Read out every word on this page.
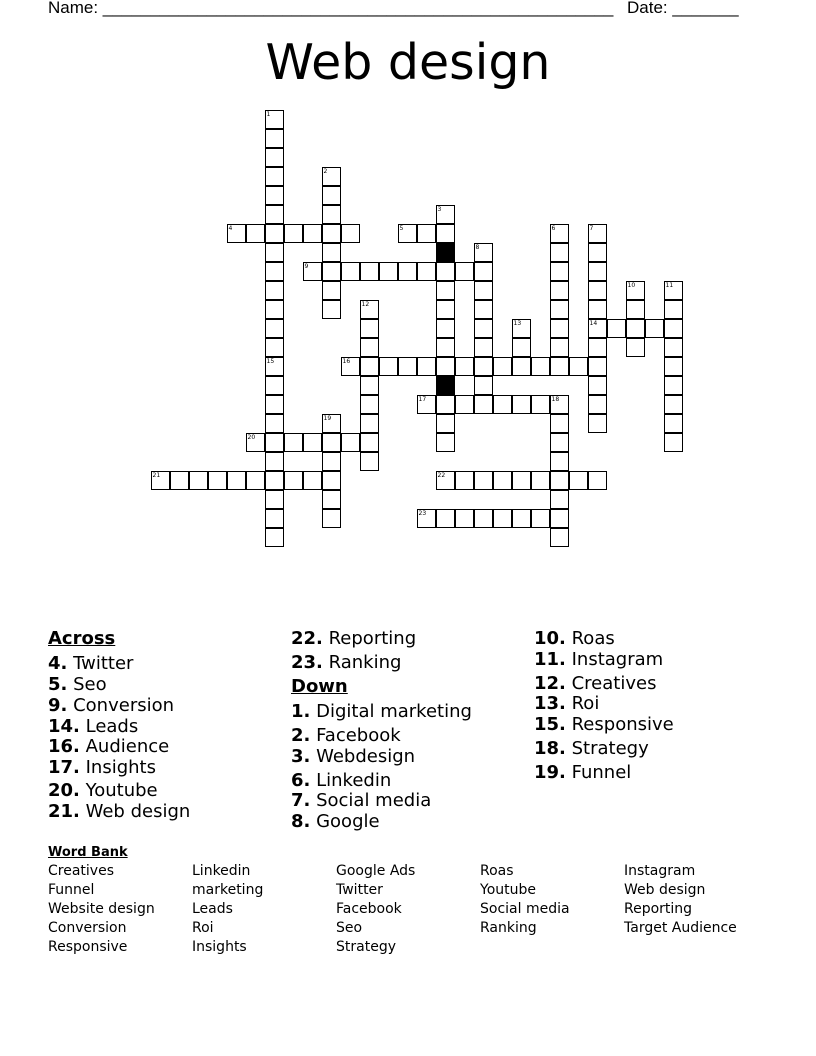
Name: ______________________________________________________ Date: _______
Web design
1
2
3
4	5	6	7
8
9
10	11
12
13	14
15	16
17	18
19
20
21	22
23
Across
4. Twitter
5. Seo
9. Conversion
14. Leads
16. Audience
17. Insights
20. Youtube
21. Web design
22. Reporting
23. Ranking
Down
1. Digital marketing
2. Facebook
3. Webdesign
6. Linkedin
7. Social media
8. Google
10. Roas
11. Instagram
12. Creatives
13. Roi
15. Responsive
18. Strategy
19. Funnel
Word Bank
Creatives
Funnel
Website design
Conversion
Responsive
Linkedin
marketing
Leads
Roi
Insights
Google Ads
Twitter
Facebook
Seo
Strategy
Roas
Youtube
Social media
Ranking
Instagram
Web design
Reporting
Target Audience
